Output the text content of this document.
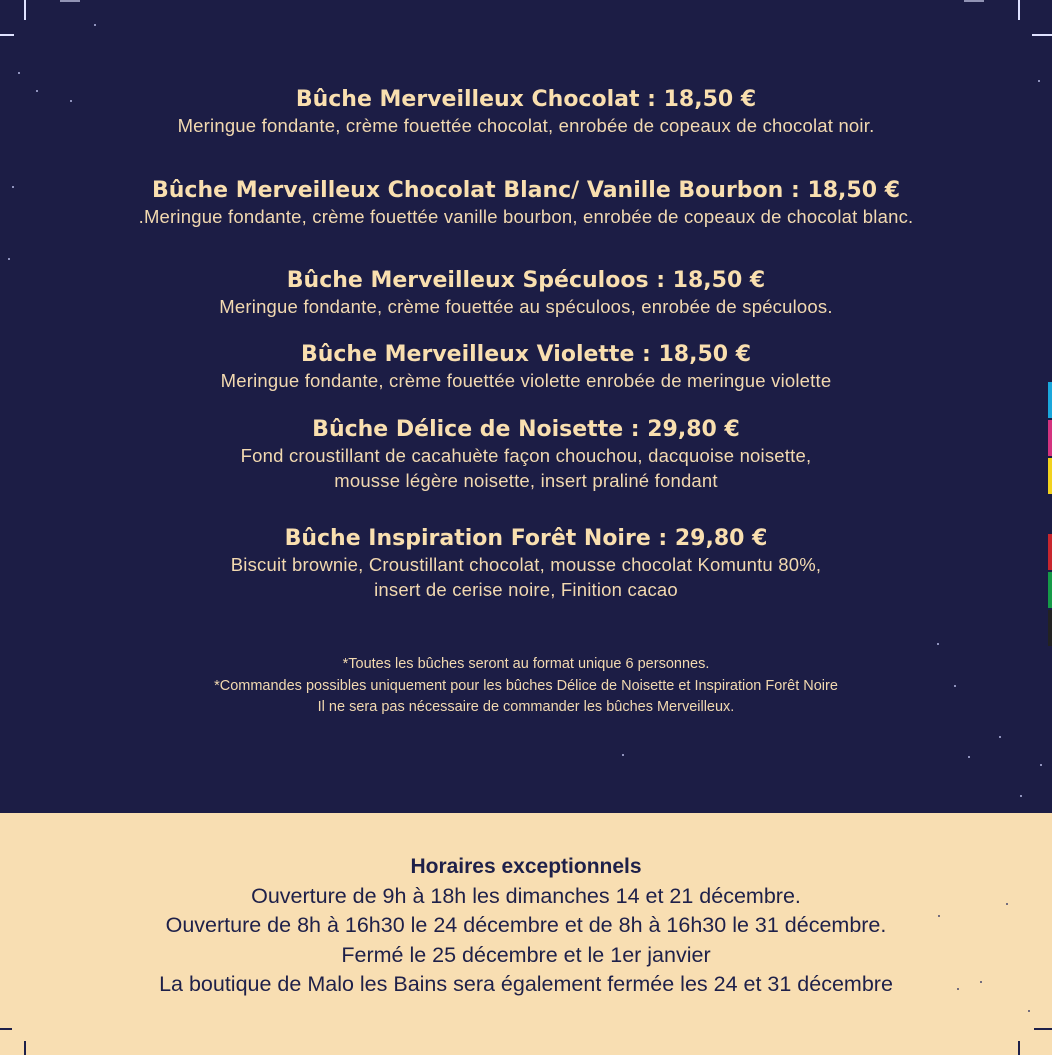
Bûche Merveilleux Chocolat : 18,50 €
Meringue fondante, crème fouettée chocolat, enrobée de copeaux de chocolat noir.
Bûche Merveilleux Chocolat Blanc/ Vanille Bourbon : 18,50 €
.Meringue fondante, crème fouettée vanille bourbon, enrobée de copeaux de chocolat blanc.
Bûche Merveilleux Spéculoos : 18,50 €
Meringue fondante, crème fouettée au spéculoos, enrobée de spéculoos.
Bûche Merveilleux Violette : 18,50 €
Meringue fondante, crème fouettée violette enrobée de meringue violette
Bûche Délice de Noisette : 29,80 €
Fond croustillant de cacahuète façon chouchou, dacquoise noisette,
mousse légère noisette, insert praliné fondant
Bûche Inspiration Forêt Noire : 29,80 €
Biscuit brownie, Croustillant chocolat, mousse chocolat Komuntu 80%,
insert de cerise noire, Finition cacao
*Toutes les bûches seront au format unique 6 personnes.
*Commandes possibles uniquement pour les bûches Délice de Noisette et Inspiration Forêt Noire
Il ne sera pas nécessaire de commander les bûches Merveilleux.
Horaires exceptionnels
Ouverture de 9h à 18h les dimanches 14 et 21 décembre.
Ouverture de 8h à 16h30 le 24 décembre et de 8h à 16h30 le 31 décembre.
Fermé le 25 décembre et le 1er janvier
La boutique de Malo les Bains sera également fermée les 24 et 31 décembre
